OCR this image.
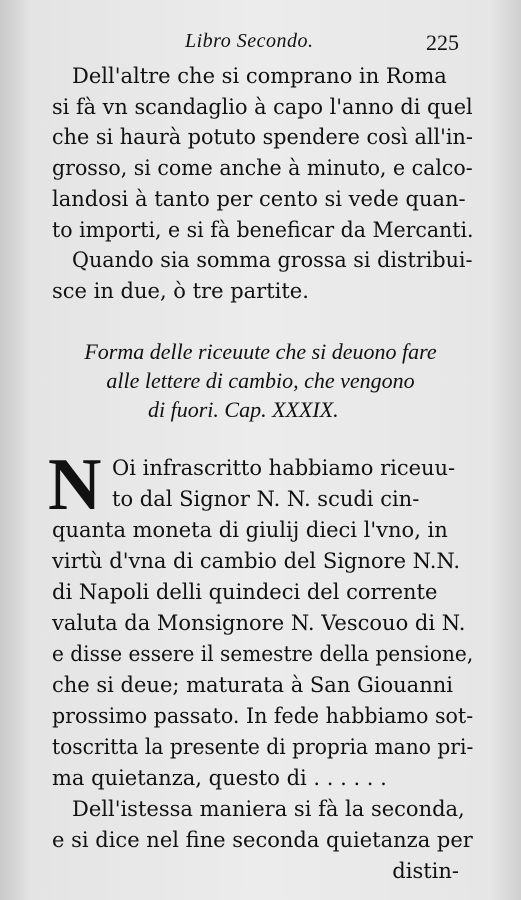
Libro Secondo.	225
Dell'altre che si comprano in Roma
si fà vn scandaglio à capo l'anno di quel
che si haurà potuto spendere così all'in-
grosso, si come anche à minuto, e calco-
landosi à tanto per cento si vede quan-
to importi, e si fà beneficar da Mercanti.
Quando sia somma grossa si distribui-
sce in due, ò tre partite.
Forma delle riceuute che si deuono fare
alle lettere di cambio, che vengono
di fuori. Cap. XXXIX.
N Oi infrascritto habbiamo riceuu-
to dal Signor N. N. scudi cin-
quanta moneta di giulij dieci l'vno, in
virtù d'vna di cambio del Signore N.N.
di Napoli delli quindeci del corrente
valuta da Monsignore N. Vescouo di N.
e disse essere il semestre della pensione,
che si deue; maturata à San Giouanni
prossimo passato. In fede habbiamo sot-
toscritta la presente di propria mano pri-
ma quietanza, questo di . . . . . .
Dell'istessa maniera si fà la seconda,
e si dice nel fine seconda quietanza per
distin-
